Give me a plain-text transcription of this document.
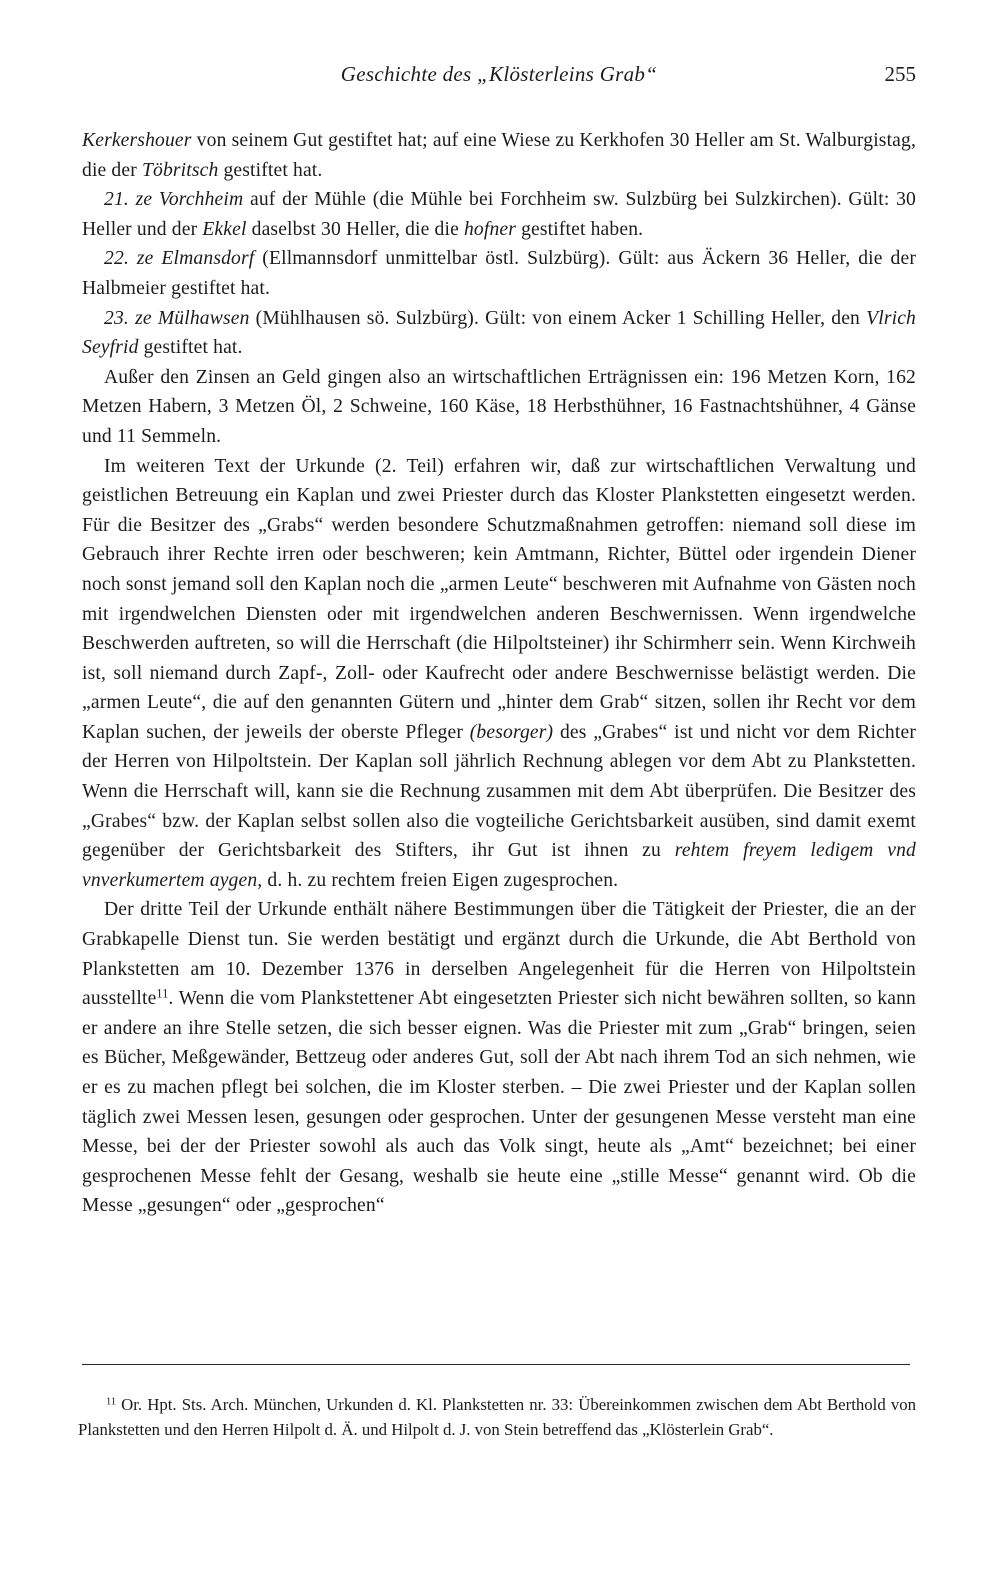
Geschichte des „Klösterleins Grab“	255

Kerkershouer von seinem Gut gestiftet hat; auf eine Wiese zu Kerkhofen 30 Heller am St. Walburgistag, die der Töbritsch gestiftet hat.

21. ze Vorchheim auf der Mühle (die Mühle bei Forchheim sw. Sulzbürg bei Sulzkirchen). Gült: 30 Heller und der Ekkel daselbst 30 Heller, die die hofner gestiftet haben.

22. ze Elmansdorf (Ellmannsdorf unmittelbar östl. Sulzbürg). Gült: aus Äckern 36 Heller, die der Halbmeier gestiftet hat.

23. ze Mülhawsen (Mühlhausen sö. Sulzbürg). Gült: von einem Acker 1 Schilling Heller, den Vlrich Seyfrid gestiftet hat.

Außer den Zinsen an Geld gingen also an wirtschaftlichen Erträgnissen ein: 196 Metzen Korn, 162 Metzen Habern, 3 Metzen Öl, 2 Schweine, 160 Käse, 18 Herbsthühner, 16 Fastnachtshühner, 4 Gänse und 11 Semmeln.

Im weiteren Text der Urkunde (2. Teil) erfahren wir, daß zur wirtschaftlichen Verwaltung und geistlichen Betreuung ein Kaplan und zwei Priester durch das Kloster Plankstetten eingesetzt werden. Für die Besitzer des „Grabs“ werden besondere Schutzmaßnahmen getroffen: niemand soll diese im Gebrauch ihrer Rechte irren oder beschweren; kein Amtmann, Richter, Büttel oder irgendein Diener noch sonst jemand soll den Kaplan noch die „armen Leute“ beschweren mit Aufnahme von Gästen noch mit irgendwelchen Diensten oder mit irgendwelchen anderen Beschwernissen. Wenn irgendwelche Beschwerden auftreten, so will die Herrschaft (die Hilpoltsteiner) ihr Schirmherr sein. Wenn Kirchweih ist, soll niemand durch Zapf-, Zoll- oder Kaufrecht oder andere Beschwernisse belästigt werden. Die „armen Leute“, die auf den genannten Gütern und „hinter dem Grab“ sitzen, sollen ihr Recht vor dem Kaplan suchen, der jeweils der oberste Pfleger (besorger) des „Grabes“ ist und nicht vor dem Richter der Herren von Hilpoltstein. Der Kaplan soll jährlich Rechnung ablegen vor dem Abt zu Plankstetten. Wenn die Herrschaft will, kann sie die Rechnung zusammen mit dem Abt überprüfen. Die Besitzer des „Grabes“ bzw. der Kaplan selbst sollen also die vogteiliche Gerichtsbarkeit ausüben, sind damit exemt gegenüber der Gerichtsbarkeit des Stifters, ihr Gut ist ihnen zu rehtem freyem ledigem vnd vnverkumertem aygen, d. h. zu rechtem freien Eigen zugesprochen.

Der dritte Teil der Urkunde enthält nähere Bestimmungen über die Tätigkeit der Priester, die an der Grabkapelle Dienst tun. Sie werden bestätigt und ergänzt durch die Urkunde, die Abt Berthold von Plankstetten am 10. Dezember 1376 in derselben Angelegenheit für die Herren von Hilpoltstein ausstellte$^{11}$. Wenn die vom Plankstettener Abt eingesetzten Priester sich nicht bewähren sollten, so kann er andere an ihre Stelle setzen, die sich besser eignen. Was die Priester mit zum „Grab“ bringen, seien es Bücher, Meßgewänder, Bettzeug oder anderes Gut, soll der Abt nach ihrem Tod an sich nehmen, wie er es zu machen pflegt bei solchen, die im Kloster sterben. – Die zwei Priester und der Kaplan sollen täglich zwei Messen lesen, gesungen oder gesprochen. Unter der gesungenen Messe versteht man eine Messe, bei der der Priester sowohl als auch das Volk singt, heute als „Amt“ bezeichnet; bei einer gesprochenen Messe fehlt der Gesang, weshalb sie heute eine „stille Messe“ genannt wird. Ob die Messe „gesungen“ oder „gesprochen“

$^{11}$ Or. Hpt. Sts. Arch. München, Urkunden d. Kl. Plankstetten nr. 33: Übereinkommen zwischen dem Abt Berthold von Plankstetten und den Herren Hilpolt d. Ä. und Hilpolt d. J. von Stein betreffend das „Klösterlein Grab“.
